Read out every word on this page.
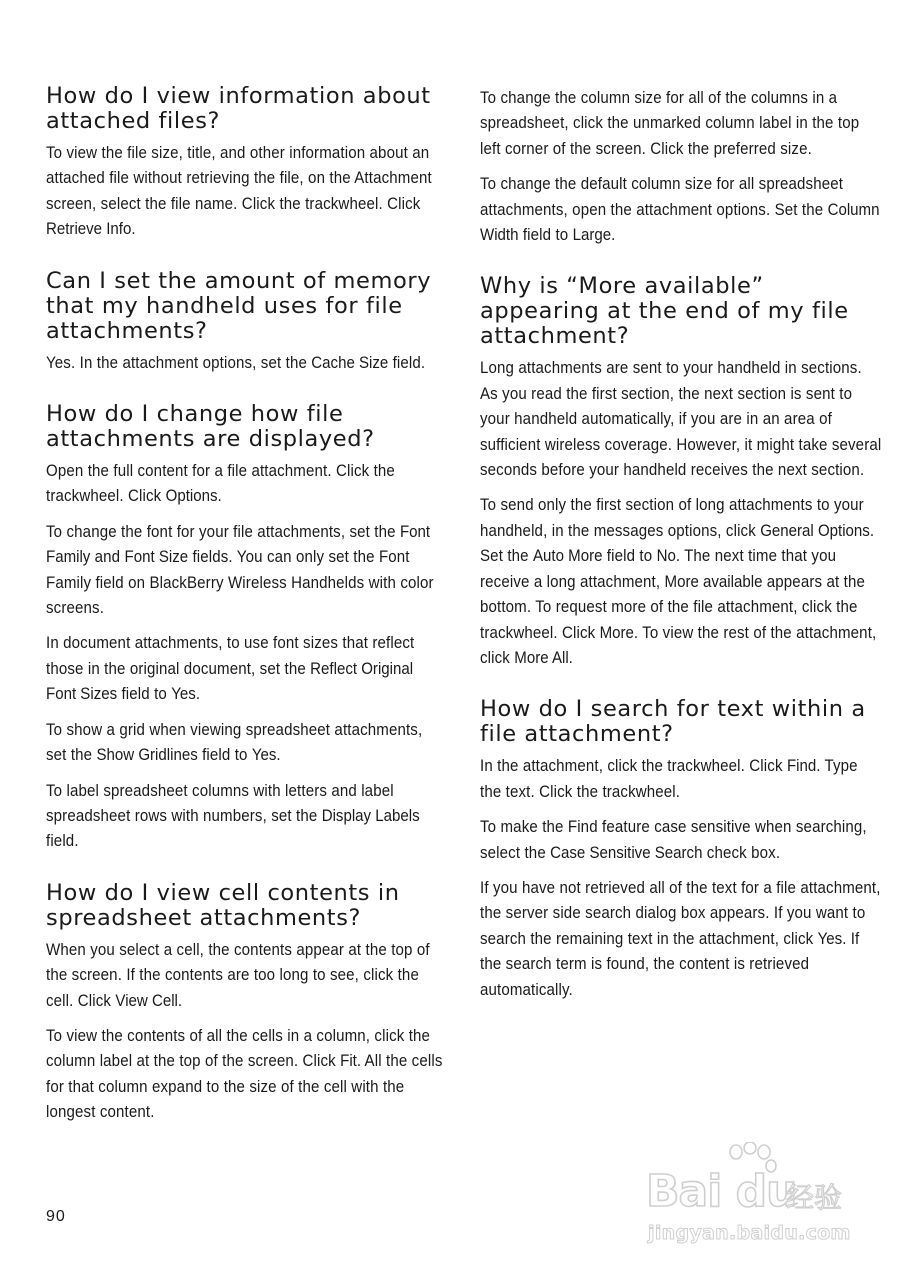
How do I view information about attached files?

To view the file size, title, and other information about an attached file without retrieving the file, on the Attachment screen, select the file name. Click the trackwheel. Click Retrieve Info.

Can I set the amount of memory that my handheld uses for file attachments?

Yes. In the attachment options, set the Cache Size field.

How do I change how file attachments are displayed?

Open the full content for a file attachment. Click the trackwheel. Click Options.

To change the font for your file attachments, set the Font Family and Font Size fields. You can only set the Font Family field on BlackBerry Wireless Handhelds with color screens.

In document attachments, to use font sizes that reflect those in the original document, set the Reflect Original Font Sizes field to Yes.

To show a grid when viewing spreadsheet attachments, set the Show Gridlines field to Yes.

To label spreadsheet columns with letters and label spreadsheet rows with numbers, set the Display Labels field.

How do I view cell contents in spreadsheet attachments?

When you select a cell, the contents appear at the top of the screen. If the contents are too long to see, click the cell. Click View Cell.

To view the contents of all the cells in a column, click the column label at the top of the screen. Click Fit. All the cells for that column expand to the size of the cell with the longest content.

To change the column size for all of the columns in a spreadsheet, click the unmarked column label in the top left corner of the screen. Click the preferred size.

To change the default column size for all spreadsheet attachments, open the attachment options. Set the Column Width field to Large.

Why is “More available” appearing at the end of my file attachment?

Long attachments are sent to your handheld in sections. As you read the first section, the next section is sent to your handheld automatically, if you are in an area of sufficient wireless coverage. However, it might take several seconds before your handheld receives the next section.

To send only the first section of long attachments to your handheld, in the messages options, click General Options. Set the Auto More field to No. The next time that you receive a long attachment, More available appears at the bottom. To request more of the file attachment, click the trackwheel. Click More. To view the rest of the attachment, click More All.

How do I search for text within a file attachment?

In the attachment, click the trackwheel. Click Find. Type the text. Click the trackwheel.

To make the Find feature case sensitive when searching, select the Case Sensitive Search check box.

If you have not retrieved all of the text for a file attachment, the server side search dialog box appears. If you want to search the remaining text in the attachment, click Yes. If the search term is found, the content is retrieved automatically.

90	Bai du
经验
jingyan.baidu.com
